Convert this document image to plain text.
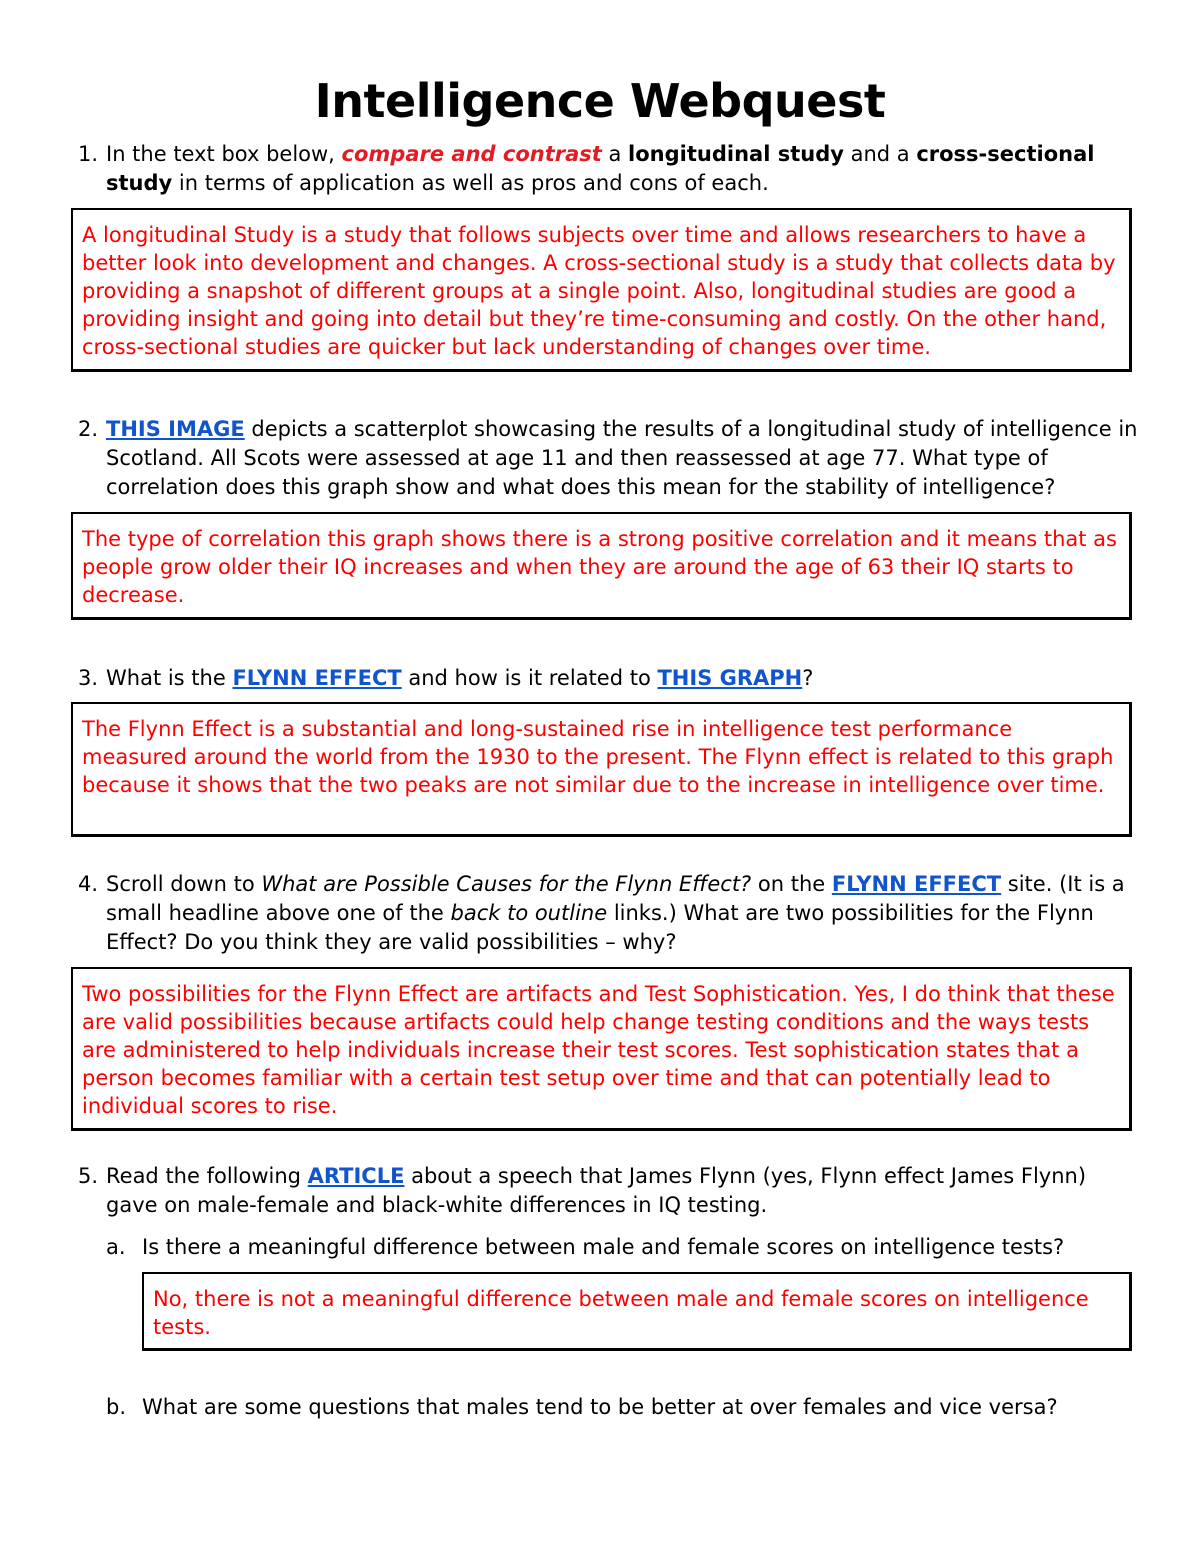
Intelligence Webquest
1. In the text box below, compare and contrast a longitudinal study and a cross-sectional study in terms of application as well as pros and cons of each.
A longitudinal Study is a study that follows subjects over time and allows researchers to have a better look into development and changes. A cross-sectional study is a study that collects data by providing a snapshot of different groups at a single point. Also, longitudinal studies are good a providing insight and going into detail but they’re time-consuming and costly. On the other hand, cross-sectional studies are quicker but lack understanding of changes over time.
2. THIS IMAGE depicts a scatterplot showcasing the results of a longitudinal study of intelligence in Scotland. All Scots were assessed at age 11 and then reassessed at age 77. What type of correlation does this graph show and what does this mean for the stability of intelligence?
The type of correlation this graph shows there is a strong positive correlation and it means that as people grow older their IQ increases and when they are around the age of 63 their IQ starts to decrease.
3. What is the FLYNN EFFECT and how is it related to THIS GRAPH?
The Flynn Effect is a substantial and long-sustained rise in intelligence test performance measured around the world from the 1930 to the present. The Flynn effect is related to this graph because it shows that the two peaks are not similar due to the increase in intelligence over time.
4. Scroll down to What are Possible Causes for the Flynn Effect? on the FLYNN EFFECT site. (It is a small headline above one of the back to outline links.) What are two possibilities for the Flynn Effect? Do you think they are valid possibilities – why?
Two possibilities for the Flynn Effect are artifacts and Test Sophistication. Yes, I do think that these are valid possibilities because artifacts could help change testing conditions and the ways tests are administered to help individuals increase their test scores. Test sophistication states that a person becomes familiar with a certain test setup over time and that can potentially lead to individual scores to rise.
5. Read the following ARTICLE about a speech that James Flynn (yes, Flynn effect James Flynn) gave on male-female and black-white differences in IQ testing.
a. Is there a meaningful difference between male and female scores on intelligence tests?
No, there is not a meaningful difference between male and female scores on intelligence tests.
b. What are some questions that males tend to be better at over females and vice versa?
